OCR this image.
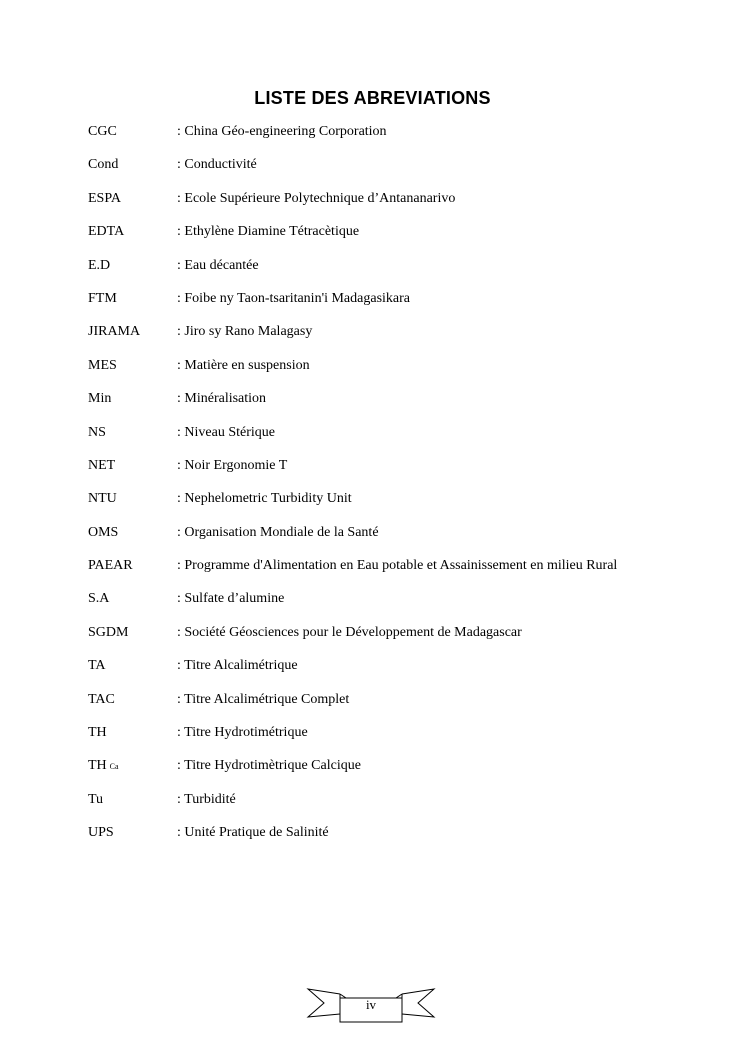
LISTE DES ABREVIATIONS
CGC	: China Géo-engineering Corporation
Cond	: Conductivité
ESPA	: Ecole Supérieure Polytechnique d’Antananarivo
EDTA	: Ethylène Diamine Tétracètique
E.D	: Eau décantée
FTM	: Foibe ny Taon-tsaritanin'i Madagasikara
JIRAMA	: Jiro sy Rano Malagasy
MES	: Matière en suspension
Min	: Minéralisation
NS	: Niveau Stérique
NET	: Noir Ergonomie T
NTU	: Nephelometric Turbidity Unit
OMS	: Organisation Mondiale de la Santé
PAEAR	: Programme d'Alimentation en Eau potable et Assainissement en milieu Rural
S.A	: Sulfate d’alumine
SGDM	: Société Géosciences pour le Développement de Madagascar
TA	: Titre Alcalimétrique
TAC	: Titre Alcalimétrique Complet
TH	: Titre Hydrotimétrique
TH Ca	: Titre Hydrotimètrique Calcique
Tu	: Turbidité
UPS	: Unité Pratique de Salinité
iv
